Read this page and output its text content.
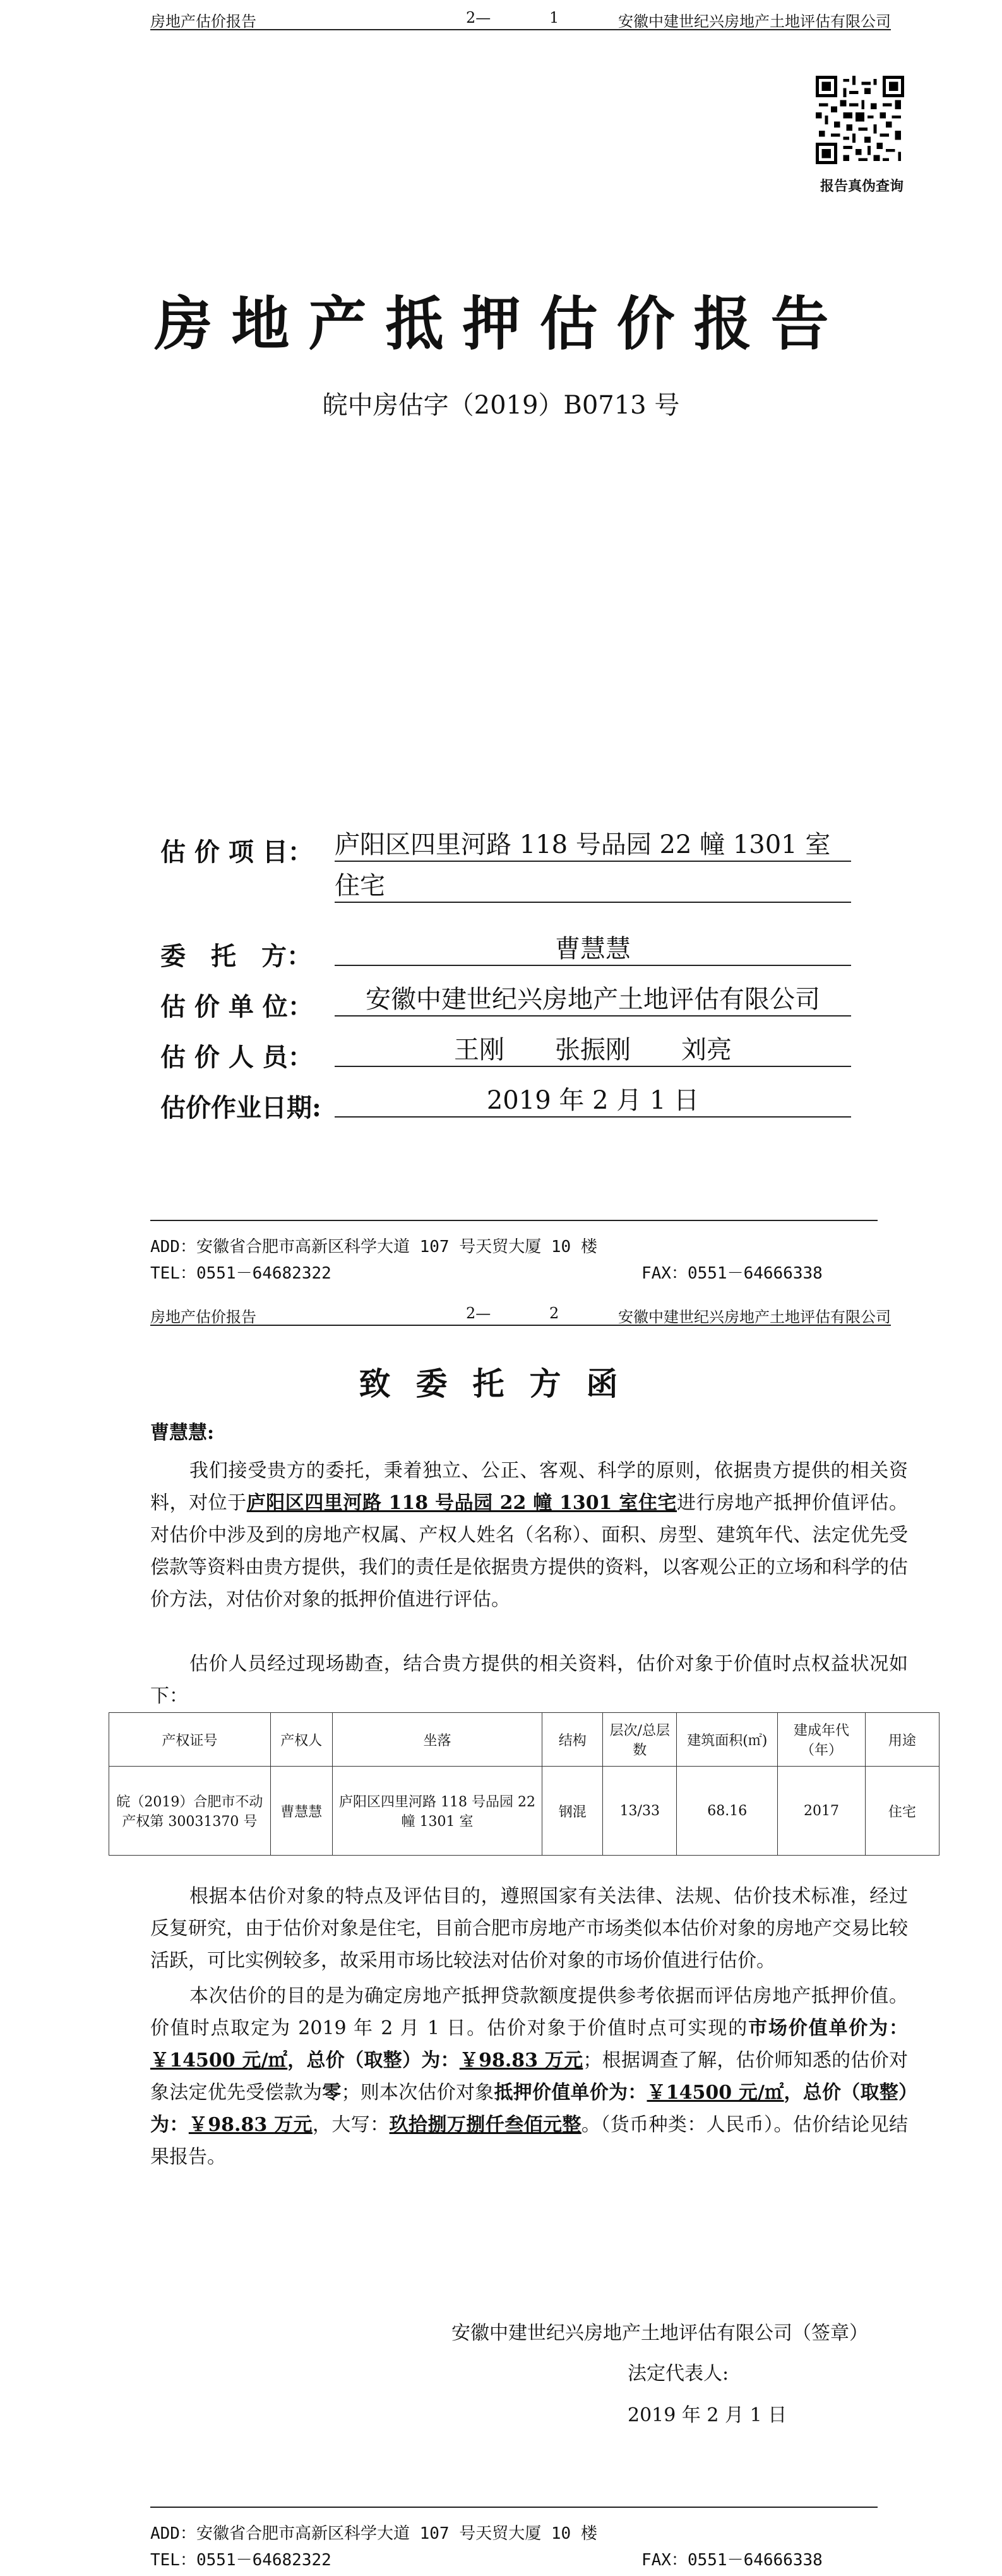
房地产估价报告	2—	1	安徽中建世纪兴房地产土地评估有限公司
报告真伪查询
房地产抵押估价报告
皖中房估字（2019）B0713 号
估 价 项 目： 庐阳区四里河路 118 号品园 22 幢 1301 室
住宅
委　托　方：	曹慧慧
估 价 单 位：	安徽中建世纪兴房地产土地评估有限公司
估 价 人 员：	王刚　　张振刚　　刘亮
估价作业日期:	2019 年 2 月 1 日
ADD：安徽省合肥市高新区科学大道 107 号天贸大厦 10 楼
TEL：0551－64682322	FAX：0551－64666338
房地产估价报告	2—	2	安徽中建世纪兴房地产土地评估有限公司
致委托方函
曹慧慧:
我们接受贵方的委托，秉着独立、公正、客观、科学的原则，依据贵方提供的相关资料，对位于庐阳区四里河路 118 号品园 22 幢 1301 室住宅进行房地产抵押价值评估。对估价中涉及到的房地产权属、产权人姓名（名称）、面积、房型、建筑年代、法定优先受偿款等资料由贵方提供，我们的责任是依据贵方提供的资料，以客观公正的立场和科学的估价方法，对估价对象的抵押价值进行评估。
估价人员经过现场勘查，结合贵方提供的相关资料，估价对象于价值时点权益状况如下：
产权证号	产权人	坐落	结构	层次/总层数	建筑面积(㎡)	建成年代（年）	用途
皖（2019）合肥市不动产权第 30031370 号	曹慧慧	庐阳区四里河路 118 号品园 22 幢 1301 室	钢混	13/33	68.16	2017	住宅
根据本估价对象的特点及评估目的，遵照国家有关法律、法规、估价技术标准，经过反复研究，由于估价对象是住宅，目前合肥市房地产市场类似本估价对象的房地产交易比较活跃，可比实例较多，故采用市场比较法对估价对象的市场价值进行估价。
本次估价的目的是为确定房地产抵押贷款额度提供参考依据而评估房地产抵押价值。价值时点取定为 2019 年 2 月 1 日。估价对象于价值时点可实现的市场价值单价为：￥14500 元/㎡，总价（取整）为：￥98.83 万元；根据调查了解，估价师知悉的估价对象法定优先受偿款为零；则本次估价对象抵押价值单价为：￥14500 元/㎡，总价（取整）为：￥98.83 万元，大写：玖拾捌万捌仟叁佰元整。（货币种类：人民币）。估价结论见结果报告。
安徽中建世纪兴房地产土地评估有限公司（签章）
法定代表人:
2019 年 2 月 1 日
ADD：安徽省合肥市高新区科学大道 107 号天贸大厦 10 楼
TEL：0551－64682322	FAX：0551－64666338
